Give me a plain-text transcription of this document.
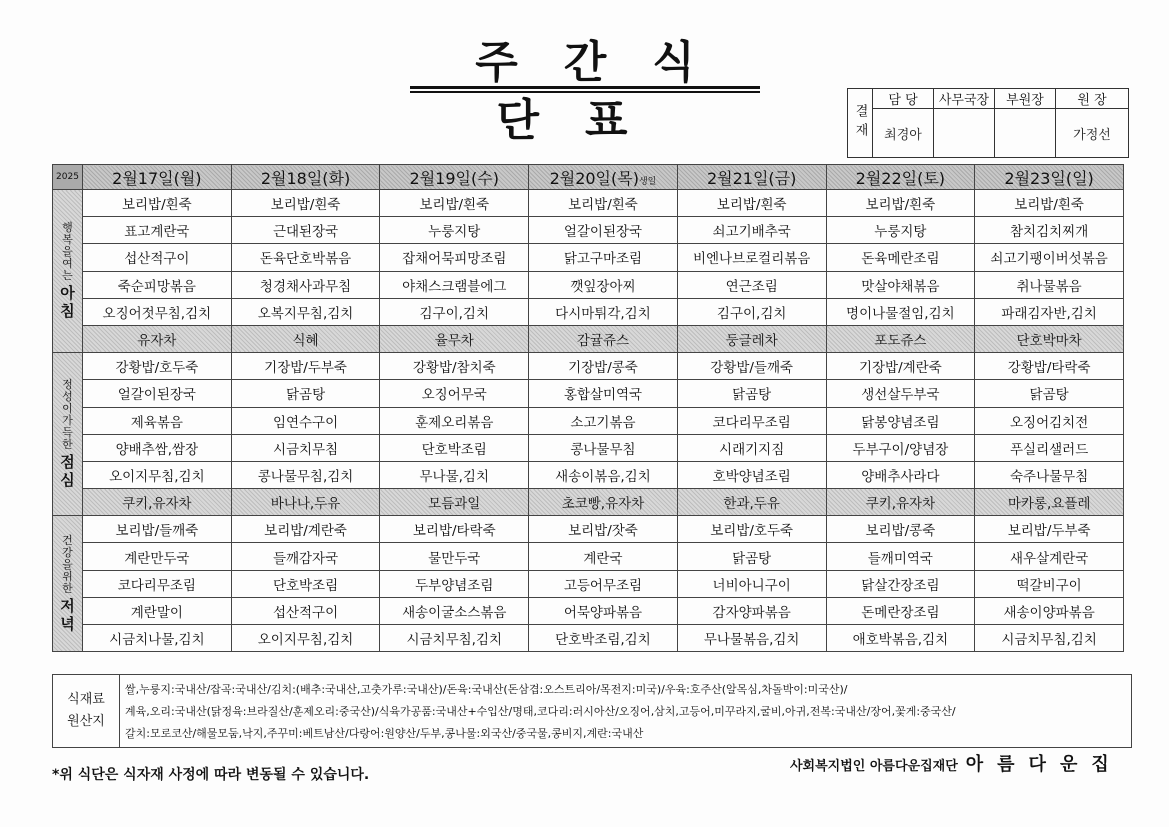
주간식단표	결재	담 당	사무국장	부원장	원 장
	최경아			가정선
2025	2월17일(월)	2월18일(화)	2월19일(수)	2월20일(목)생일	2월21일(금)	2월22일(토)	2월23일(일)

행복을여는
아침	보리밥/흰죽	보리밥/흰죽	보리밥/흰죽	보리밥/흰죽	보리밥/흰죽	보리밥/흰죽	보리밥/흰죽
	표고계란국	근대된장국	누룽지탕	얼갈이된장국	쇠고기배추국	누룽지탕	참치김치찌개
	섭산적구이	돈육단호박볶음	잡채어묵피망조림	닭고구마조림	비엔나브로컬리볶음	돈육메란조림	쇠고기팽이버섯볶음
	죽순피망볶음	청경채사과무침	야채스크램블에그	깻잎장아찌	연근조림	맛살야채볶음	취나물볶음
	오징어젓무침,김치	오복지무침,김치	김구이,김치	다시마튀각,김치	김구이,김치	명이나물절임,김치	파래김자반,김치
	유자차	식혜	율무차	감귤쥬스	둥글레차	포도쥬스	단호박마차

정성이가득한
점심	강황밥/호두죽	기장밥/두부죽	강황밥/참치죽	기장밥/콩죽	강황밥/들깨죽	기장밥/계란죽	강황밥/타락죽
	얼갈이된장국	닭곰탕	오징어무국	홍합살미역국	닭곰탕	생선살두부국	닭곰탕
	제육볶음	임연수구이	훈제오리볶음	소고기볶음	코다리무조림	닭봉양념조림	오징어김치전
	양배추쌈,쌈장	시금치무침	단호박조림	콩나물무침	시래기지짐	두부구이/양념장	푸실리샐러드
	오이지무침,김치	콩나물무침,김치	무나물,김치	새송이볶음,김치	호박양념조림	양배추사라다	숙주나물무침
	쿠키,유자차	바나나,두유	모듬과일	초코빵,유자차	한과,두유	쿠키,유자차	마카롱,요플레

건강을위한
저녁	보리밥/들깨죽	보리밥/계란죽	보리밥/타락죽	보리밥/잣죽	보리밥/호두죽	보리밥/콩죽	보리밥/두부죽
	계란만두국	들깨감자국	물만두국	계란국	닭곰탕	들깨미역국	새우살계란국
	코다리무조림	단호박조림	두부양념조림	고등어무조림	너비아니구이	닭살간장조림	떡갈비구이
	계란말이	섭산적구이	새송이굴소스볶음	어묵양파볶음	감자양파볶음	돈메란장조림	새송이양파볶음
	시금치나물,김치	오이지무침,김치	시금치무침,김치	단호박조림,김치	무나물볶음,김치	애호박볶음,김치	시금치무침,김치
식재료
원산지
쌀,누룽지:국내산/잡곡:국내산/김치:(배추:국내산,고춧가루:국내산)/돈육:국내산(돈삼겹:오스트리아/목전지:미국)/우육:호주산(알목심,차돌박이:미국산)/
계육,오리:국내산(닭정육:브라질산/훈제오리:중국산)/식육가공품:국내산+수입산/명태,코다리:러시아산/오징어,삼치,고등어,미꾸라지,굴비,아귀,전복:국내산/장어,꽃게:중국산/
갈치:모로코산/해물모둠,낙지,주꾸미:베트남산/다랑어:원양산/두부,콩나물:외국산/중국물,콩비지,계란:국내산
*위 식단은 식자재 사정에 따라 변동될 수 있습니다.
사회복지법인 아름다운집재단 아름다운집
